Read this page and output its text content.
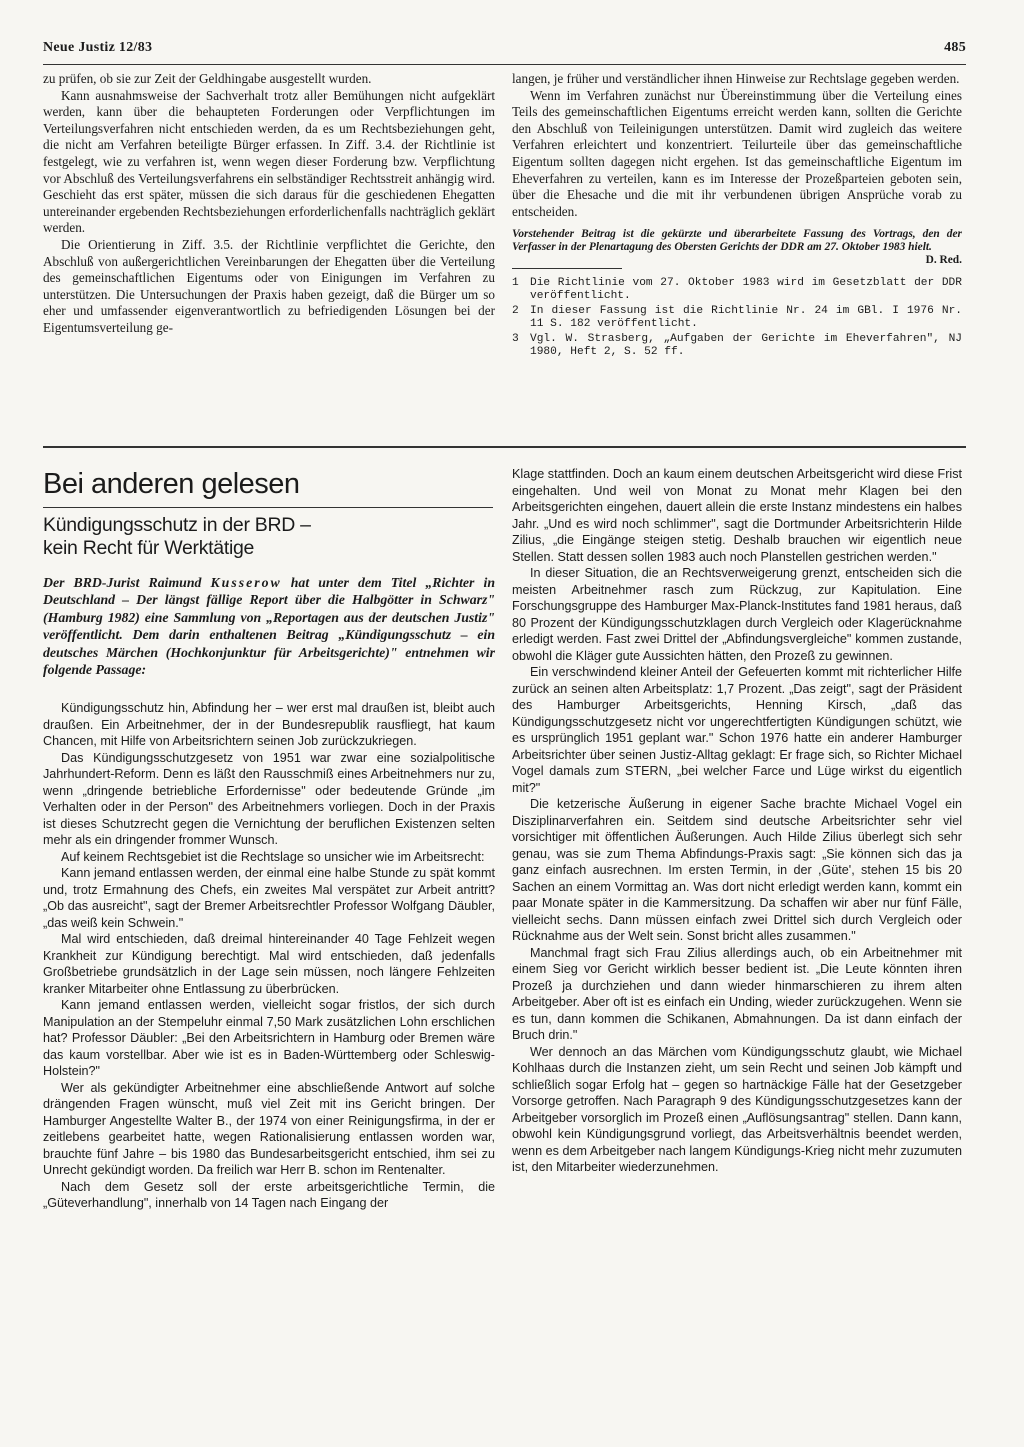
Neue Justiz 12/83	485

zu prüfen, ob sie zur Zeit der Geldhingabe ausgestellt wurden.

Kann ausnahmsweise der Sachverhalt trotz aller Bemühungen nicht aufgeklärt werden, kann über die behaupteten Forderungen oder Verpflichtungen im Verteilungsverfahren nicht entschieden werden, da es um Rechtsbeziehungen geht, die nicht am Verfahren beteiligte Bürger erfassen. In Ziff. 3.4. der Richtlinie ist festgelegt, wie zu verfahren ist, wenn wegen dieser Forderung bzw. Verpflichtung vor Abschluß des Verteilungsverfahrens ein selbständiger Rechtsstreit anhängig wird. Geschieht das erst später, müssen die sich daraus für die geschiedenen Ehegatten untereinander ergebenden Rechtsbeziehungen erforderlichenfalls nachträglich geklärt werden.

Die Orientierung in Ziff. 3.5. der Richtlinie verpflichtet die Gerichte, den Abschluß von außergerichtlichen Vereinbarungen der Ehegatten über die Verteilung des gemeinschaftlichen Eigentums oder von Einigungen im Verfahren zu unterstützen. Die Untersuchungen der Praxis haben gezeigt, daß die Bürger um so eher und umfassender eigenverantwortlich zu befriedigenden Lösungen bei der Eigentumsverteilung ge-

langen, je früher und verständlicher ihnen Hinweise zur Rechtslage gegeben werden.

Wenn im Verfahren zunächst nur Übereinstimmung über die Verteilung eines Teils des gemeinschaftlichen Eigentums erreicht werden kann, sollten die Gerichte den Abschluß von Teileinigungen unterstützen. Damit wird zugleich das weitere Verfahren erleichtert und konzentriert. Teilurteile über das gemeinschaftliche Eigentum sollten dagegen nicht ergehen. Ist das gemeinschaftliche Eigentum im Eheverfahren zu verteilen, kann es im Interesse der Prozeßparteien geboten sein, über die Ehesache und die mit ihr verbundenen übrigen Ansprüche vorab zu entscheiden.

Vorstehender Beitrag ist die gekürzte und überarbeitete Fassung des Vortrags, den der Verfasser in der Plenartagung des Obersten Gerichts der DDR am 27. Oktober 1983 hielt.
D. Red.
1	Die Richtlinie vom 27. Oktober 1983 wird im Gesetzblatt der DDR veröffentlicht.
2	In dieser Fassung ist die Richtlinie Nr. 24 im GBl. I 1976 Nr. 11 S. 182 veröffentlicht.
3	Vgl. W. Strasberg, „Aufgaben der Gerichte im Eheverfahren", NJ 1980, Heft 2, S. 52 ff.
Bei anderen gelesen
Kündigungsschutz in der BRD –
kein Recht für Werktätige
Der BRD-Jurist Raimund Kusserow hat unter dem Titel „Richter in Deutschland – Der längst fällige Report über die Halbgötter in Schwarz" (Hamburg 1982) eine Sammlung von „Reportagen aus der deutschen Justiz" veröffentlicht. Dem darin enthaltenen Beitrag „Kündigungsschutz – ein deutsches Märchen (Hochkonjunktur für Arbeitsgerichte)" entnehmen wir folgende Passage:

Kündigungsschutz hin, Abfindung her – wer erst mal draußen ist, bleibt auch draußen. Ein Arbeitnehmer, der in der Bundesrepublik rausfliegt, hat kaum Chancen, mit Hilfe von Arbeitsrichtern seinen Job zurückzukriegen.

Das Kündigungsschutzgesetz von 1951 war zwar eine sozialpolitische Jahrhundert-Reform. Denn es läßt den Rausschmiß eines Arbeitnehmers nur zu, wenn „dringende betriebliche Erfordernisse" oder bedeutende Gründe „im Verhalten oder in der Person" des Arbeitnehmers vorliegen. Doch in der Praxis ist dieses Schutzrecht gegen die Vernichtung der beruflichen Existenzen selten mehr als ein dringender frommer Wunsch.

Auf keinem Rechtsgebiet ist die Rechtslage so unsicher wie im Arbeitsrecht:

Kann jemand entlassen werden, der einmal eine halbe Stunde zu spät kommt und, trotz Ermahnung des Chefs, ein zweites Mal verspätet zur Arbeit antritt? „Ob das ausreicht", sagt der Bremer Arbeitsrechtler Professor Wolfgang Däubler, „das weiß kein Schwein."

Mal wird entschieden, daß dreimal hintereinander 40 Tage Fehlzeit wegen Krankheit zur Kündigung berechtigt. Mal wird entschieden, daß jedenfalls Großbetriebe grundsätzlich in der Lage sein müssen, noch längere Fehlzeiten kranker Mitarbeiter ohne Entlassung zu überbrücken.

Kann jemand entlassen werden, vielleicht sogar fristlos, der sich durch Manipulation an der Stempeluhr einmal 7,50 Mark zusätzlichen Lohn erschlichen hat? Professor Däubler: „Bei den Arbeitsrichtern in Hamburg oder Bremen wäre das kaum vorstellbar. Aber wie ist es in Baden-Württemberg oder Schleswig-Holstein?"

Wer als gekündigter Arbeitnehmer eine abschließende Antwort auf solche drängenden Fragen wünscht, muß viel Zeit mit ins Gericht bringen. Der Hamburger Angestellte Walter B., der 1974 von einer Reinigungsfirma, in der er zeitlebens gearbeitet hatte, wegen Rationalisierung entlassen worden war, brauchte fünf Jahre – bis 1980 das Bundesarbeitsgericht entschied, ihm sei zu Unrecht gekündigt worden. Da freilich war Herr B. schon im Rentenalter.

Nach dem Gesetz soll der erste arbeitsgerichtliche Termin, die „Güteverhandlung", innerhalb von 14 Tagen nach Eingang der

Klage stattfinden. Doch an kaum einem deutschen Arbeitsgericht wird diese Frist eingehalten. Und weil von Monat zu Monat mehr Klagen bei den Arbeitsgerichten eingehen, dauert allein die erste Instanz mindestens ein halbes Jahr. „Und es wird noch schlimmer", sagt die Dortmunder Arbeitsrichterin Hilde Zilius, „die Eingänge steigen stetig. Deshalb brauchen wir eigentlich neue Stellen. Statt dessen sollen 1983 auch noch Planstellen gestrichen werden."

In dieser Situation, die an Rechtsverweigerung grenzt, entscheiden sich die meisten Arbeitnehmer rasch zum Rückzug, zur Kapitulation. Eine Forschungsgruppe des Hamburger Max-Planck-Institutes fand 1981 heraus, daß 80 Prozent der Kündigungsschutzklagen durch Vergleich oder Klagerücknahme erledigt werden. Fast zwei Drittel der „Abfindungsvergleiche" kommen zustande, obwohl die Kläger gute Aussichten hätten, den Prozeß zu gewinnen.

Ein verschwindend kleiner Anteil der Gefeuerten kommt mit richterlicher Hilfe zurück an seinen alten Arbeitsplatz: 1,7 Prozent. „Das zeigt", sagt der Präsident des Hamburger Arbeitsgerichts, Henning Kirsch, „daß das Kündigungsschutzgesetz nicht vor ungerechtfertigten Kündigungen schützt, wie es ursprünglich 1951 geplant war." Schon 1976 hatte ein anderer Hamburger Arbeitsrichter über seinen Justiz-Alltag geklagt: Er frage sich, so Richter Michael Vogel damals zum STERN, „bei welcher Farce und Lüge wirkst du eigentlich mit?"

Die ketzerische Äußerung in eigener Sache brachte Michael Vogel ein Disziplinarverfahren ein. Seitdem sind deutsche Arbeitsrichter sehr viel vorsichtiger mit öffentlichen Äußerungen. Auch Hilde Zilius überlegt sich sehr genau, was sie zum Thema Abfindungs-Praxis sagt: „Sie können sich das ja ganz einfach ausrechnen. Im ersten Termin, in der ,Güte', stehen 15 bis 20 Sachen an einem Vormittag an. Was dort nicht erledigt werden kann, kommt ein paar Monate später in die Kammersitzung. Da schaffen wir aber nur fünf Fälle, vielleicht sechs. Dann müssen einfach zwei Drittel sich durch Vergleich oder Rücknahme aus der Welt sein. Sonst bricht alles zusammen."

Manchmal fragt sich Frau Zilius allerdings auch, ob ein Arbeitnehmer mit einem Sieg vor Gericht wirklich besser bedient ist. „Die Leute könnten ihren Prozeß ja durchziehen und dann wieder hinmarschieren zu ihrem alten Arbeitgeber. Aber oft ist es einfach ein Unding, wieder zurückzugehen. Wenn sie es tun, dann kommen die Schikanen, Abmahnungen. Da ist dann einfach der Bruch drin."

Wer dennoch an das Märchen vom Kündigungsschutz glaubt, wie Michael Kohlhaas durch die Instanzen zieht, um sein Recht und seinen Job kämpft und schließlich sogar Erfolg hat – gegen so hartnäckige Fälle hat der Gesetzgeber Vorsorge getroffen. Nach Paragraph 9 des Kündigungsschutzgesetzes kann der Arbeitgeber vorsorglich im Prozeß einen „Auflösungsantrag" stellen. Dann kann, obwohl kein Kündigungsgrund vorliegt, das Arbeitsverhältnis beendet werden, wenn es dem Arbeitgeber nach langem Kündigungs-Krieg nicht mehr zuzumuten ist, den Mitarbeiter wiederzunehmen.
